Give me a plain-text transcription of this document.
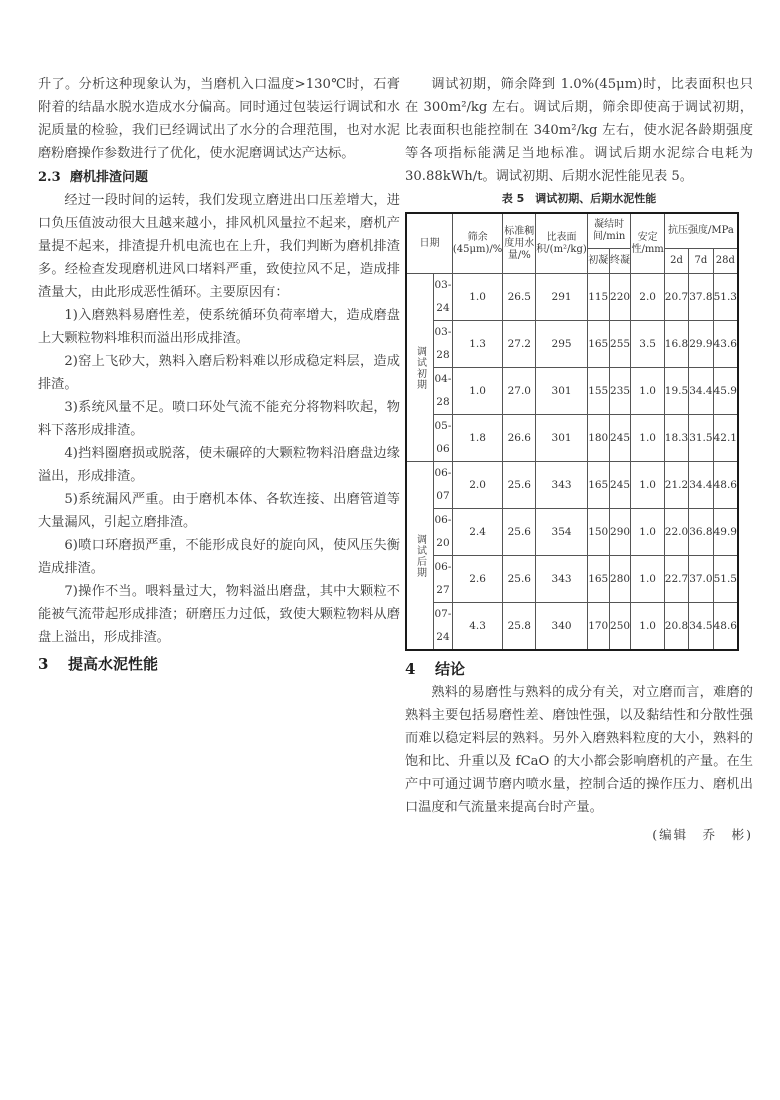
升了。分析这种现象认为，当磨机入口温度>130℃时，石膏附着的结晶水脱水造成水分偏高。同时通过包装运行调试和水泥质量的检验，我们已经调试出了水分的合理范围，也对水泥磨粉磨操作参数进行了优化，使水泥磨调试达产达标。

2.3 磨机排渣问题

经过一段时间的运转，我们发现立磨进出口压差增大，进口负压值波动很大且越来越小，排风机风量拉不起来，磨机产量提不起来，排渣提升机电流也在上升，我们判断为磨机排渣多。经检查发现磨机进风口堵料严重，致使拉风不足，造成排渣量大，由此形成恶性循环。主要原因有：

1)入磨熟料易磨性差，使系统循环负荷率增大，造成磨盘上大颗粒物料堆积而溢出形成排渣。

2)窑上飞砂大，熟料入磨后粉料难以形成稳定料层，造成排渣。

3)系统风量不足。喷口环处气流不能充分将物料吹起，物料下落形成排渣。

4)挡料圈磨损或脱落，使未碾碎的大颗粒物料沿磨盘边缘溢出，形成排渣。

5)系统漏风严重。由于磨机本体、各软连接、出磨管道等大量漏风，引起立磨排渣。

6)喷口环磨损严重，不能形成良好的旋向风，使风压失衡造成排渣。

7)操作不当。喂料量过大，物料溢出磨盘，其中大颗粒不能被气流带起形成排渣；研磨压力过低，致使大颗粒物料从磨盘上溢出，形成排渣。

3 提高水泥性能

调试初期，筛余降到 1.0%(45μm)时，比表面积也只在 300m²/kg 左右。调试后期，筛余即使高于调试初期，比表面积也能控制在 340m²/kg 左右，使水泥各龄期强度等各项指标能满足当地标准。调试后期水泥综合电耗为 30.88kWh/t。调试初期、后期水泥性能见表 5。

表 5　调试初期、后期水泥性能
日期		筛余(45μm)/%	标准稠度用水量/%	比表面积/(m²/kg)	凝结时间/min		安定性/mm	抗压强度/MPa		
					初凝	终凝		2d	7d	28d
调试初期	03-24	1.0	26.5	291	115	220	2.0	20.7	37.8	51.3
	03-28	1.3	27.2	295	165	255	3.5	16.8	29.9	43.6
	04-28	1.0	27.0	301	155	235	1.0	19.5	34.4	45.9
	05-06	1.8	26.6	301	180	245	1.0	18.3	31.5	42.1
调试后期	06-07	2.0	25.6	343	165	245	1.0	21.2	34.4	48.6
	06-20	2.4	25.6	354	150	290	1.0	22.0	36.8	49.9
	06-27	2.6	25.6	343	165	280	1.0	22.7	37.0	51.5
	07-24	4.3	25.8	340	170	250	1.0	20.8	34.5	48.6
4 结论

熟料的易磨性与熟料的成分有关，对立磨而言，难磨的熟料主要包括易磨性差、磨蚀性强，以及黏结性和分散性强而难以稳定料层的熟料。另外入磨熟料粒度的大小，熟料的饱和比、升重以及 fCaO 的大小都会影响磨机的产量。在生产中可通过调节磨内喷水量，控制合适的操作压力、磨机出口温度和气流量来提高台时产量。

(编辑　乔　彬)
